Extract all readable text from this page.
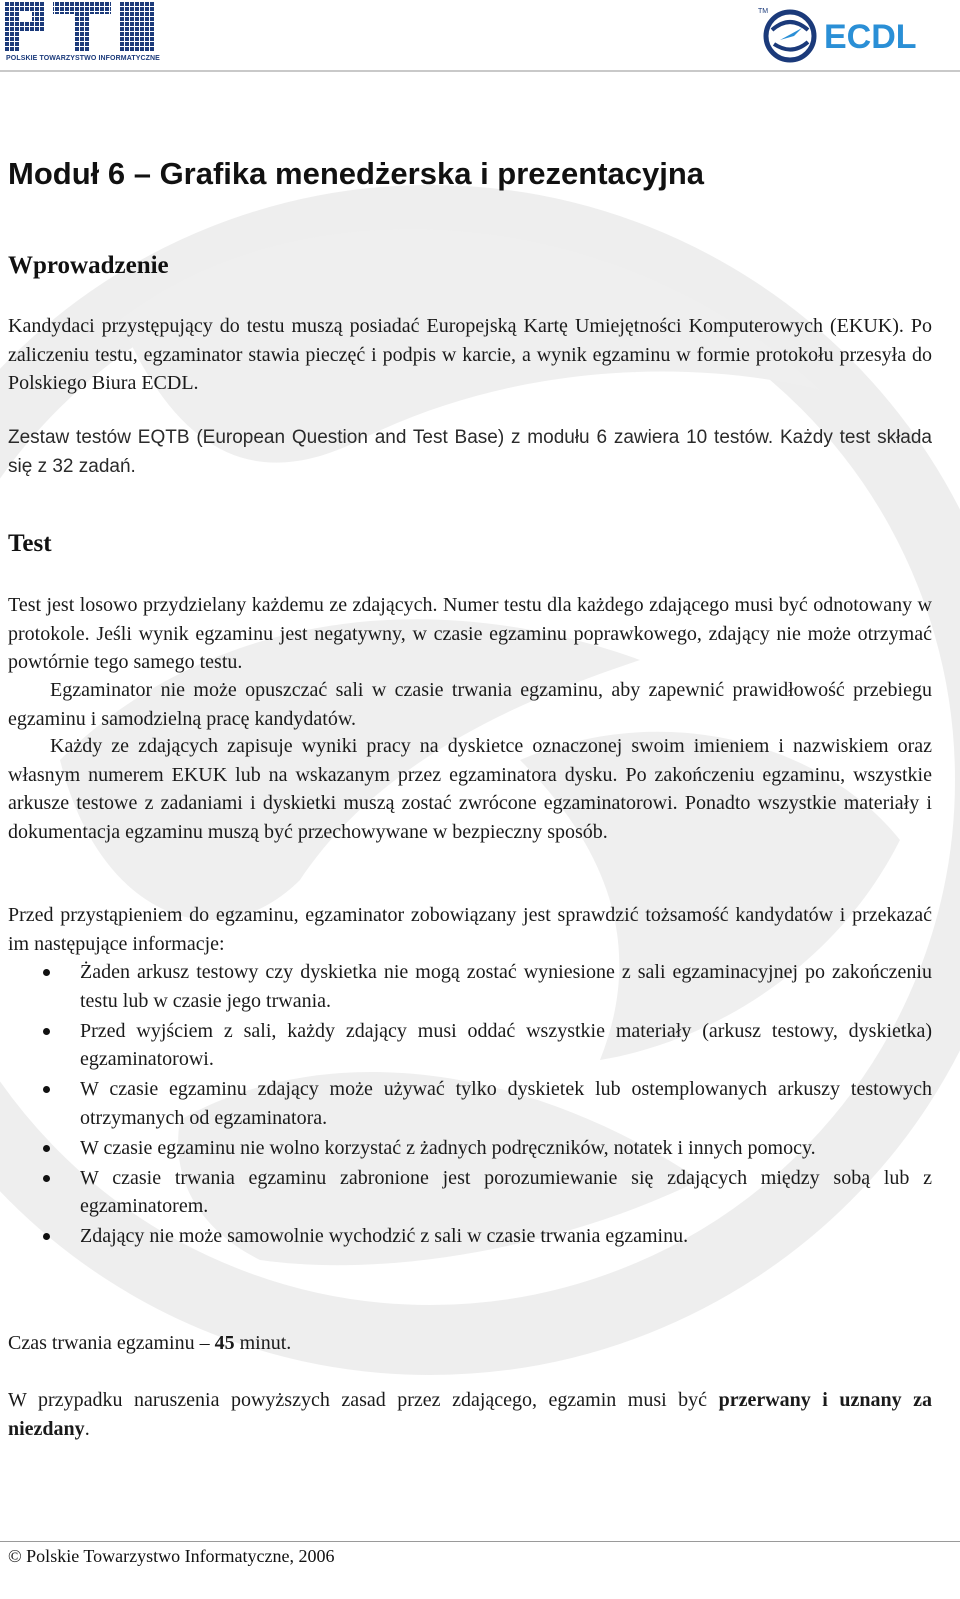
POLSKIE TOWARZYSTWO INFORMATYCZNE
TM
ECDL
Moduł 6 – Grafika menedżerska i prezentacyjna
Wprowadzenie

Kandydaci przystępujący do testu muszą posiadać Europejską Kartę Umiejętności Komputerowych (EKUK). Po zaliczeniu testu, egzaminator stawia pieczęć i podpis w karcie, a wynik egzaminu w formie protokołu przesyła do Polskiego Biura ECDL.

Zestaw testów EQTB (European Question and Test Base) z modułu 6 zawiera 10 testów. Każdy test składa się z 32 zadań.

Test

Test jest losowo przydzielany każdemu ze zdających. Numer testu dla każdego zdającego musi być odnotowany w protokole. Jeśli wynik egzaminu jest negatywny, w czasie egzaminu poprawkowego, zdający nie może otrzymać powtórnie tego samego testu.

Egzaminator nie może opuszczać sali w czasie trwania egzaminu, aby zapewnić prawidłowość przebiegu egzaminu i samodzielną pracę kandydatów.

Każdy ze zdających zapisuje wyniki pracy na dyskietce oznaczonej swoim imieniem i nazwiskiem oraz własnym numerem EKUK lub na wskazanym przez egzaminatora dysku. Po zakończeniu egzaminu, wszystkie arkusze testowe z zadaniami i dyskietki muszą zostać zwrócone egzaminatorowi. Ponadto wszystkie materiały i dokumentacja egzaminu muszą być przechowywane w bezpieczny sposób.

Przed przystąpieniem do egzaminu, egzaminator zobowiązany jest sprawdzić tożsamość kandydatów i przekazać im następujące informacje:

Żaden arkusz testowy czy dyskietka nie mogą zostać wyniesione z sali egzaminacyjnej po zakończeniu testu lub w czasie jego trwania.
Przed wyjściem z sali, każdy zdający musi oddać wszystkie materiały (arkusz testowy, dyskietka) egzaminatorowi.
W czasie egzaminu zdający może używać tylko dyskietek lub ostemplowanych arkuszy testowych otrzymanych od egzaminatora.
W czasie egzaminu nie wolno korzystać z żadnych podręczników, notatek i innych pomocy.
W czasie trwania egzaminu zabronione jest porozumiewanie się zdających między sobą lub z egzaminatorem.
Zdający nie może samowolnie wychodzić z sali w czasie trwania egzaminu.

Czas trwania egzaminu – 45 minut.

W przypadku naruszenia powyższych zasad przez zdającego, egzamin musi być przerwany i uznany za niezdany.

© Polskie Towarzystwo Informatyczne, 2006
